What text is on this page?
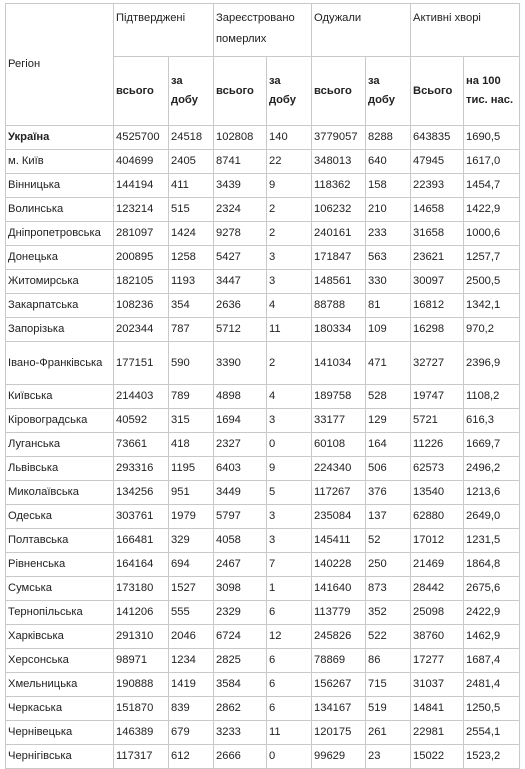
Регіон	Підтверджені		Зареєстровано померлих		Одужали		Активні хворі	
	всього	за добу	всього	за добу	всього	за добу	Всього	на 100 тис. нас.
Україна	4525700	24518	102808	140	3779057	8288	643835	1690,5
м. Київ	404699	2405	8741	22	348013	640	47945	1617,0
Вінницька	144194	411	3439	9	118362	158	22393	1454,7
Волинська	123214	515	2324	2	106232	210	14658	1422,9
Дніпропетровська	281097	1424	9278	2	240161	233	31658	1000,6
Донецька	200895	1258	5427	3	171847	563	23621	1257,7
Житомирська	182105	1193	3447	3	148561	330	30097	2500,5
Закарпатська	108236	354	2636	4	88788	81	16812	1342,1
Запорізька	202344	787	5712	11	180334	109	16298	970,2
Івано-Франківська	177151	590	3390	2	141034	471	32727	2396,9
Київська	214403	789	4898	4	189758	528	19747	1108,2
Кіровоградська	40592	315	1694	3	33177	129	5721	616,3
Луганська	73661	418	2327	0	60108	164	11226	1669,7
Львівська	293316	1195	6403	9	224340	506	62573	2496,2
Миколаївська	134256	951	3449	5	117267	376	13540	1213,6
Одеська	303761	1979	5797	3	235084	137	62880	2649,0
Полтавська	166481	329	4058	3	145411	52	17012	1231,5
Рівненська	164164	694	2467	7	140228	250	21469	1864,8
Сумська	173180	1527	3098	1	141640	873	28442	2675,6
Тернопільська	141206	555	2329	6	113779	352	25098	2422,9
Харківська	291310	2046	6724	12	245826	522	38760	1462,9
Херсонська	98971	1234	2825	6	78869	86	17277	1687,4
Хмельницька	190888	1419	3584	6	156267	715	31037	2481,4
Черкаська	151870	839	2862	6	134167	519	14841	1250,5
Чернівецька	146389	679	3233	11	120175	261	22981	2554,1
Чернігівська	117317	612	2666	0	99629	23	15022	1523,2
